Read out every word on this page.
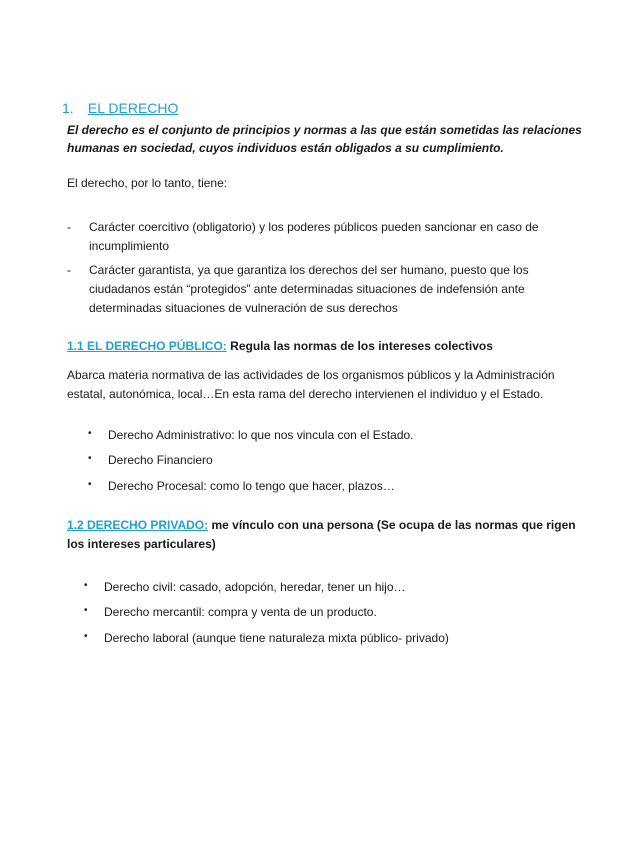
1. EL DERECHO
El derecho es el conjunto de principios y normas a las que están sometidas las relaciones humanas en sociedad, cuyos individuos están obligados a su cumplimiento.
El derecho, por lo tanto, tiene:
- Carácter coercitivo (obligatorio) y los poderes públicos pueden sancionar en caso de incumplimiento
- Carácter garantista, ya que garantiza los derechos del ser humano, puesto que los ciudadanos están “protegidos” ante determinadas situaciones de indefensión ante determinadas situaciones de vulneración de sus derechos
1.1 EL DERECHO PÚBLICO: Regula las normas de los intereses colectivos
Abarca materia normativa de las actividades de los organismos públicos y la Administración estatal, autonómica, local…En esta rama del derecho intervienen el individuo y el Estado.
• Derecho Administrativo: lo que nos vincula con el Estado.
• Derecho Financiero
• Derecho Procesal: como lo tengo que hacer, plazos…
1.2 DERECHO PRIVADO: me vínculo con una persona (Se ocupa de las normas que rigen los intereses particulares)
• Derecho civil: casado, adopción, heredar, tener un hijo…
• Derecho mercantil: compra y venta de un producto.
• Derecho laboral (aunque tiene naturaleza mixta público- privado)
